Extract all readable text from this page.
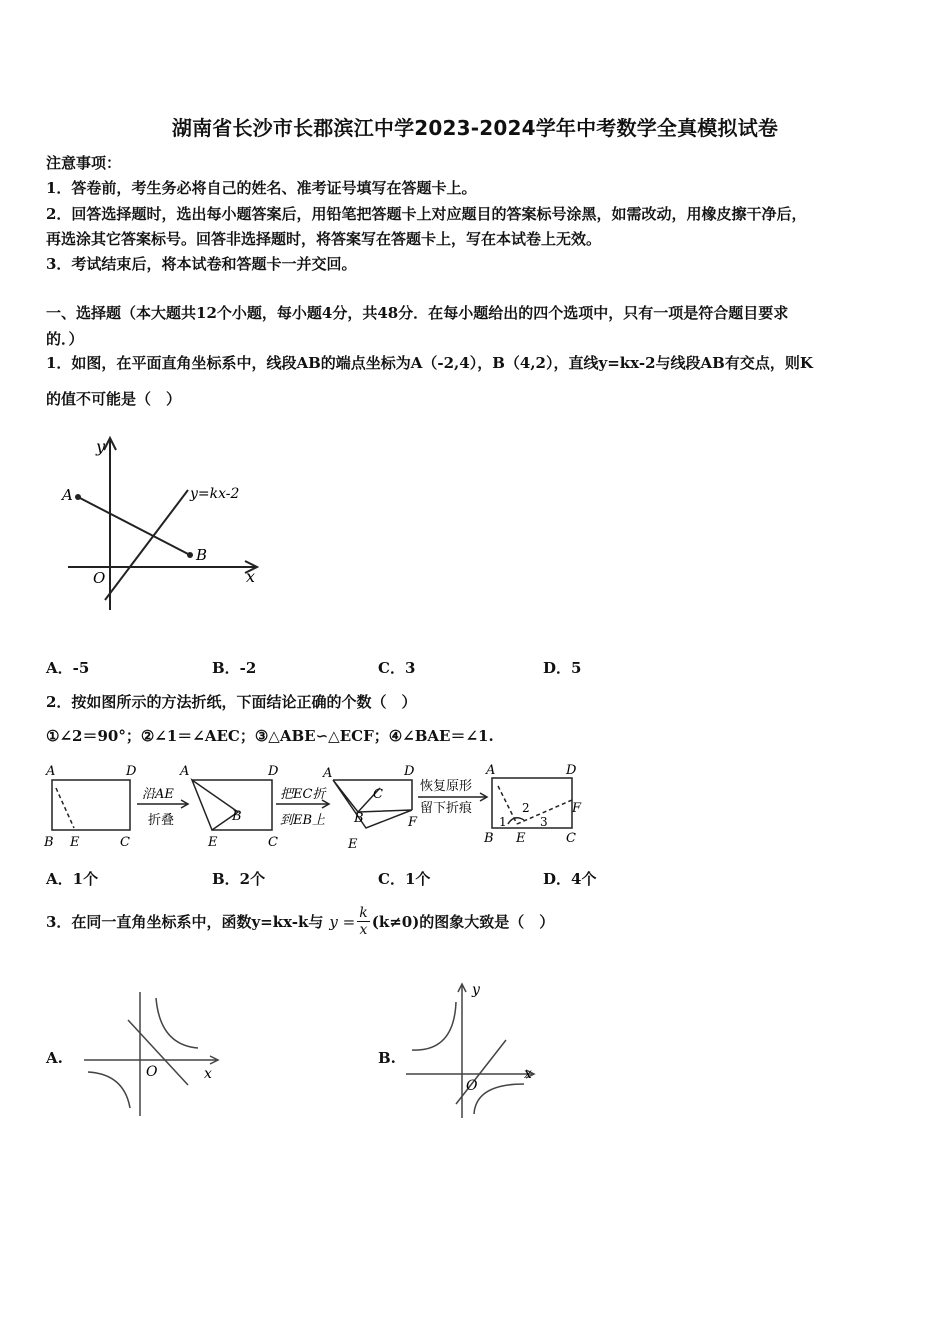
湖南省长沙市长郡滨江中学2023-2024学年中考数学全真模拟试卷
注意事项：
1．答卷前，考生务必将自己的姓名、准考证号填写在答题卡上。
2．回答选择题时，选出每小题答案后，用铅笔把答题卡上对应题目的答案标号涂黑，如需改动，用橡皮擦干净后，
再选涂其它答案标号。回答非选择题时，将答案写在答题卡上，写在本试卷上无效。
3．考试结束后，将本试卷和答题卡一并交回。
一、选择题（本大题共12个小题，每小题4分，共48分．在每小题给出的四个选项中，只有一项是符合题目要求
的．）
1．如图，在平面直角坐标系中，线段AB的端点坐标为A（-2,4），B（4,2），直线y=kx-2与线段AB有交点，则K
的值不可能是（　）
y
x
O
A
B
y=kx-2
A．-5	B．-2	C．3	D．5
2．按如图所示的方法折纸，下面结论正确的个数（　）
①∠2＝90°；②∠1＝∠AEC；③△ABE∽△ECF；④∠BAE＝∠1.
A	D
B E	C
A	D
B
E	C
A	D
C
B
E
F
A	D
B E	C
F
1
2
3
沿AE
折叠
把EC折
到EB上
恢复原形
留下折痕
A．1个	B．2个	C．1个	D．4个
3．在同一直角坐标系中，函数y=kx-k与 $y = \frac{k}{x} (k\ne 0)$的图象大致是（　）
A.
O	x
B.
O
x
y
